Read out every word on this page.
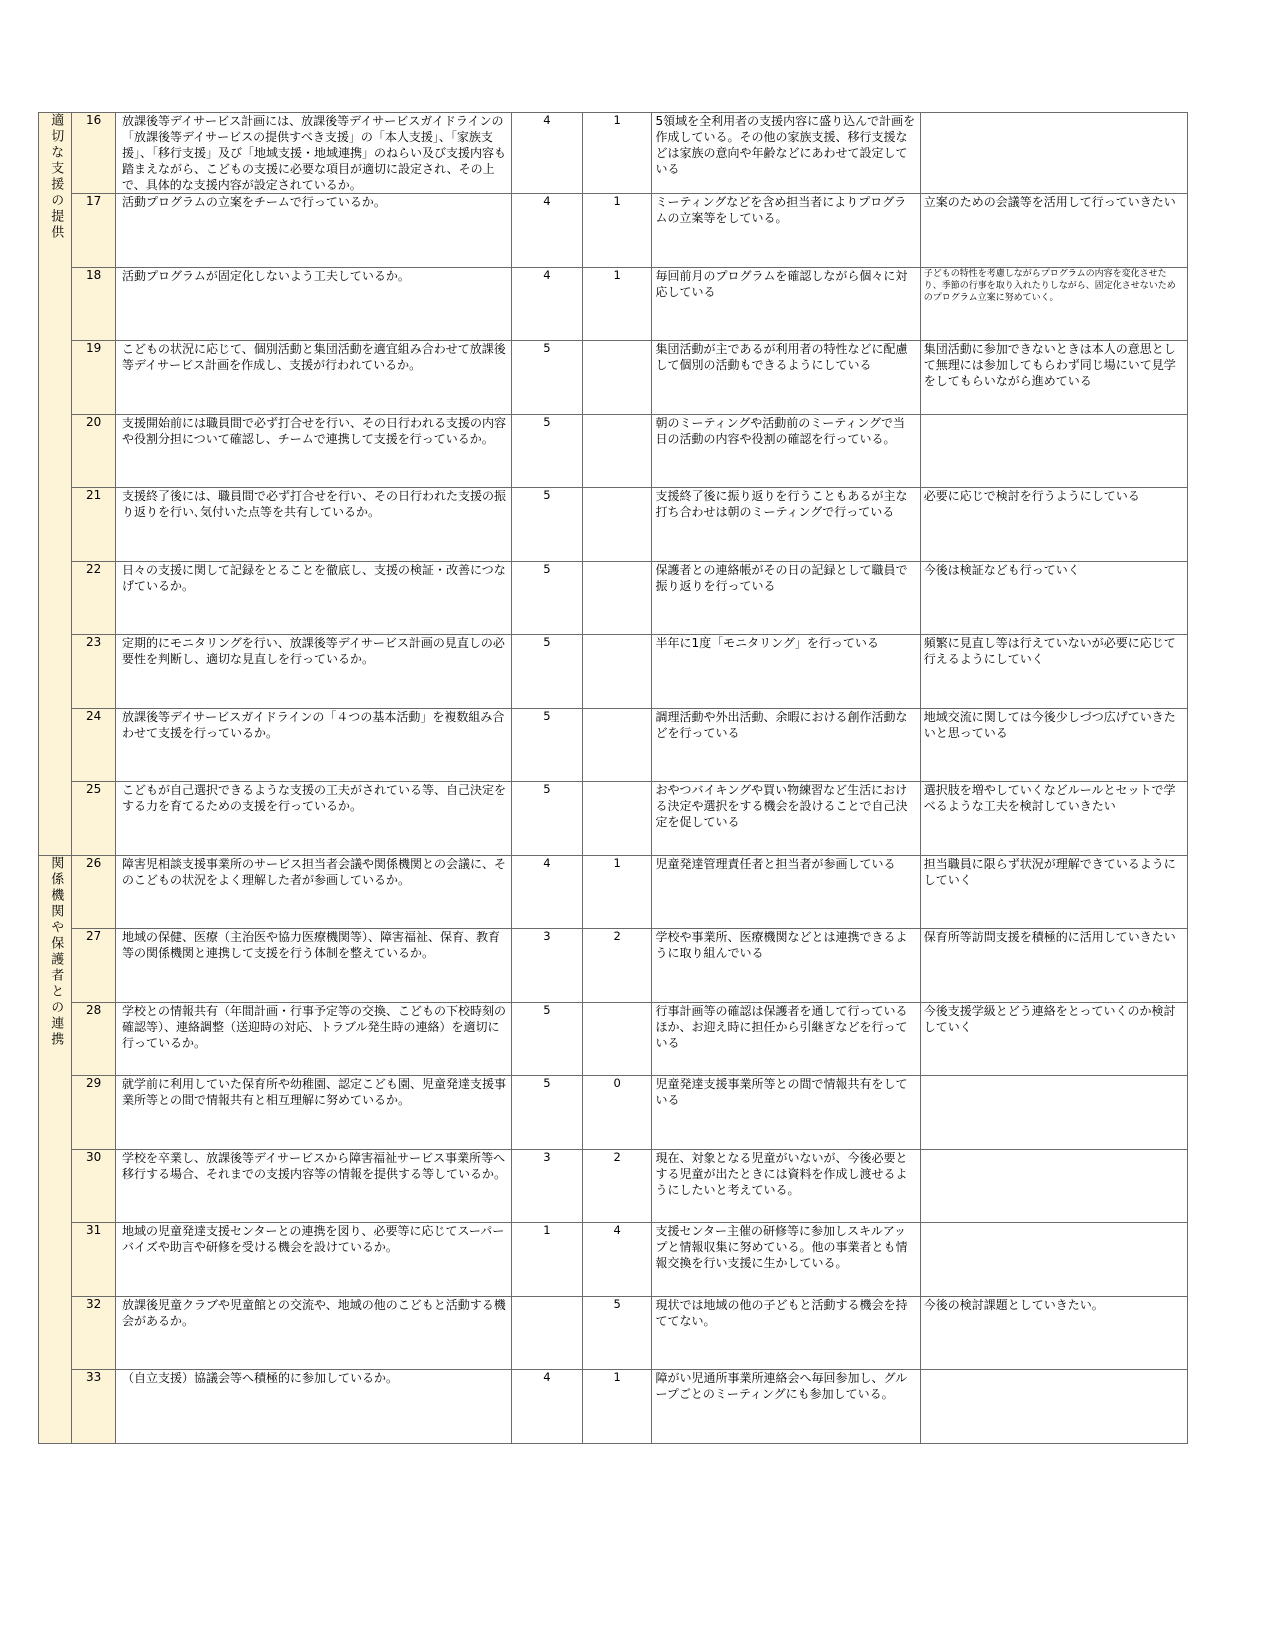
適切な支援の提供	16	放課後等デイサービス計画には、放課後等デイサービスガイドラインの「放課後等デイサービスの提供すべき支援」の「本人支援」、「家族支援」、「移行支援」及び「地域支援・地域連携」のねらい及び支援内容も踏まえながら、こどもの支援に必要な項目が適切に設定され、その上で、具体的な支援内容が設定されているか。	4	1	5領域を全利用者の支援内容に盛り込んで計画を作成している。その他の家族支援、移行支援などは家族の意向や年齢などにあわせて設定している	

	17	活動プログラムの立案をチームで行っているか。	4	1	ミーティングなどを含め担当者によりプログラムの立案等をしている。	立案のための会議等を活用して行っていきたい

	18	活動プログラムが固定化しないよう工夫しているか。	4	1	毎回前月のプログラムを確認しながら個々に対応している	子どもの特性を考慮しながらプログラムの内容を変化させたり、季節の行事を取り入れたりしながら、固定化させないためのプログラム立案に努めていく。

	19	こどもの状況に応じて、個別活動と集団活動を適宜組み合わせて放課後等デイサービス計画を作成し、支援が行われているか。	5		集団活動が主であるが利用者の特性などに配慮して個別の活動もできるようにしている	集団活動に参加できないときは本人の意思として無理には参加してもらわず同じ場にいて見学をしてもらいながら進めている

	20	支援開始前には職員間で必ず打合せを行い、その日行われる支援の内容や役割分担について確認し、チームで連携して支援を行っているか。	5		朝のミーティングや活動前のミーティングで当日の活動の内容や役割の確認を行っている。	

	21	支援終了後には、職員間で必ず打合せを行い、その日行われた支援の振り返りを行い､気付いた点等を共有しているか。	5		支援終了後に振り返りを行うこともあるが主な打ち合わせは朝のミーティングで行っている	必要に応じで検討を行うようにしている

	22	日々の支援に関して記録をとることを徹底し、支援の検証・改善につなげているか。	5		保護者との連絡帳がその日の記録として職員で振り返りを行っている	今後は検証なども行っていく

	23	定期的にモニタリングを行い、放課後等デイサービス計画の見直しの必要性を判断し、適切な見直しを行っているか。	5		半年に1度「モニタリング」を行っている	頻繁に見直し等は行えていないが必要に応じて行えるようにしていく

	24	放課後等デイサービスガイドラインの「４つの基本活動」を複数組み合わせて支援を行っているか。	5		調理活動や外出活動、余暇における創作活動などを行っている	地域交流に関しては今後少しづつ広げていきたいと思っている

	25	こどもが自己選択できるような支援の工夫がされている等、自己決定をする力を育てるための支援を行っているか。	5		おやつバイキングや買い物練習など生活における決定や選択をする機会を設けることで自己決定を促している	選択肢を増やしていくなどルールとセットで学べるような工夫を検討していきたい

関係機関や保護者との連携	26	障害児相談支援事業所のサービス担当者会議や関係機関との会議に、そのこどもの状況をよく理解した者が参画しているか。	4	1	児童発達管理責任者と担当者が参画している	担当職員に限らず状況が理解できているようにしていく

	27	地域の保健、医療（主治医や協力医療機関等）、障害福祉、保育、教育等の関係機関と連携して支援を行う体制を整えているか。	3	2	学校や事業所、医療機関などとは連携できるように取り組んでいる	保育所等訪問支援を積極的に活用していきたい

	28	学校との情報共有（年間計画・行事予定等の交換、こどもの下校時刻の確認等）、連絡調整（送迎時の対応、トラブル発生時の連絡）を適切に行っているか。	5		行事計画等の確認は保護者を通して行っているほか、お迎え時に担任から引継ぎなどを行っている	今後支援学級とどう連絡をとっていくのか検討していく

	29	就学前に利用していた保育所や幼稚園、認定こども園、児童発達支援事業所等との間で情報共有と相互理解に努めているか。	5	0	児童発達支援事業所等との間で情報共有をしている	

	30	学校を卒業し、放課後等デイサービスから障害福祉サービス事業所等へ移行する場合、それまでの支援内容等の情報を提供する等しているか。	3	2	現在、対象となる児童がいないが、今後必要とする児童が出たときには資料を作成し渡せるようにしたいと考えている。	

	31	地域の児童発達支援センターとの連携を図り、必要等に応じてスーパーバイズや助言や研修を受ける機会を設けているか。	1	4	支援センター主催の研修等に参加しスキルアップと情報収集に努めている。他の事業者とも情報交換を行い支援に生かしている。	

	32	放課後児童クラブや児童館との交流や、地域の他のこどもと活動する機会があるか。		5	現状では地域の他の子どもと活動する機会を持ててない。	今後の検討課題としていきたい。

	33	（自立支援）協議会等へ積極的に参加しているか。	4	1	障がい児通所事業所連絡会へ毎回参加し、グループごとのミーティングにも参加している。	
